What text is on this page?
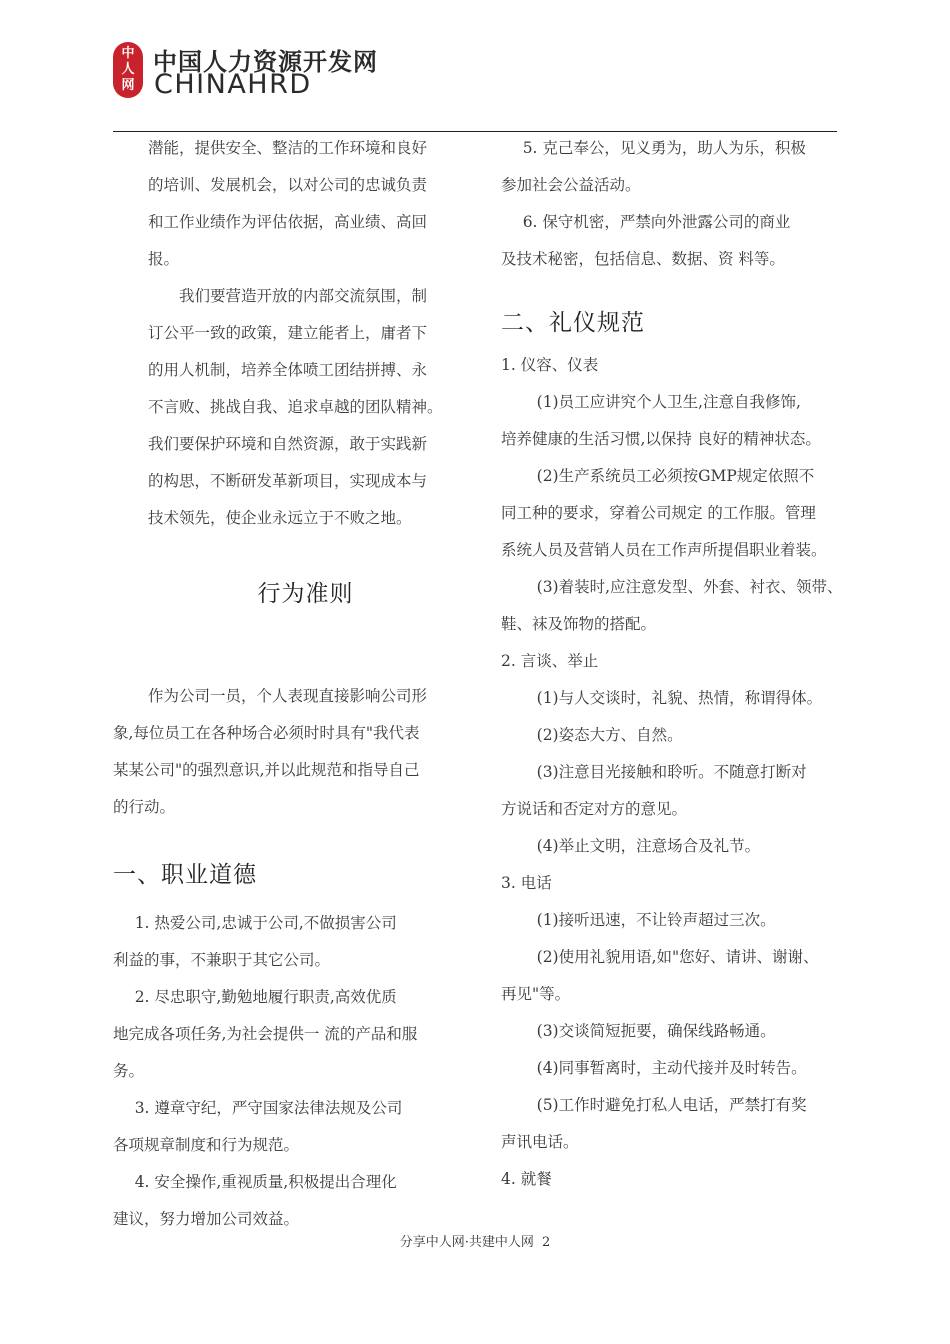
中
人
网
中国人力资源开发网
CHINAHRD

潜能，提供安全、整洁的工作环境和良好

的培训、发展机会，以对公司的忠诚负责

和工作业绩作为评估依据，高业绩、高回

报。

我们要营造开放的内部交流氛围，制

订公平一致的政策，建立能者上，庸者下

的用人机制，培养全体喷工团结拼搏、永

不言败、挑战自我、追求卓越的团队精神。

我们要保护环境和自然资源，敢于实践新

的构思，不断研发革新项目，实现成本与

技术领先，使企业永远立于不败之地。

行为准则

作为公司一员，个人表现直接影响公司形

象,每位员工在各种场合必须时时具有"我代表

某某公司"的强烈意识,并以此规范和指导自己

的行动。

一、职业道德

1. 热爱公司,忠诚于公司,不做损害公司

利益的事，不兼职于其它公司。

2. 尽忠职守,勤勉地履行职责,高效优质

地完成各项任务,为社会提供一 流的产品和服

务。

3. 遵章守纪，严守国家法律法规及公司

各项规章制度和行为规范。

4. 安全操作,重视质量,积极提出合理化

建议，努力增加公司效益。

5. 克己奉公，见义勇为，助人为乐，积极

参加社会公益活动。

6. 保守机密，严禁向外泄露公司的商业

及技术秘密，包括信息、数据、资 料等。

二、礼仪规范

1. 仪容、仪表

(1)员工应讲究个人卫生,注意自我修饰,

培养健康的生活习惯,以保持 良好的精神状态。

(2)生产系统员工必须按GMP规定依照不

同工种的要求，穿着公司规定 的工作服。管理

系统人员及营销人员在工作声所提倡职业着装。

(3)着装时,应注意发型、外套、衬衣、领带、

鞋、袜及饰物的搭配。

2. 言谈、举止

(1)与人交谈时，礼貌、热情，称谓得体。

(2)姿态大方、自然。

(3)注意目光接触和聆听。不随意打断对

方说话和否定对方的意见。

(4)举止文明，注意场合及礼节。

3. 电话

(1)接听迅速，不让铃声超过三次。

(2)使用礼貌用语,如"您好、请讲、谢谢、

再见"等。

(3)交谈简短扼要，确保线路畅通。

(4)同事暂离时，主动代接并及时转告。

(5)工作时避免打私人电话，严禁打有奖

声讯电话。

4. 就餐

分享中人网·共建中人网 2
